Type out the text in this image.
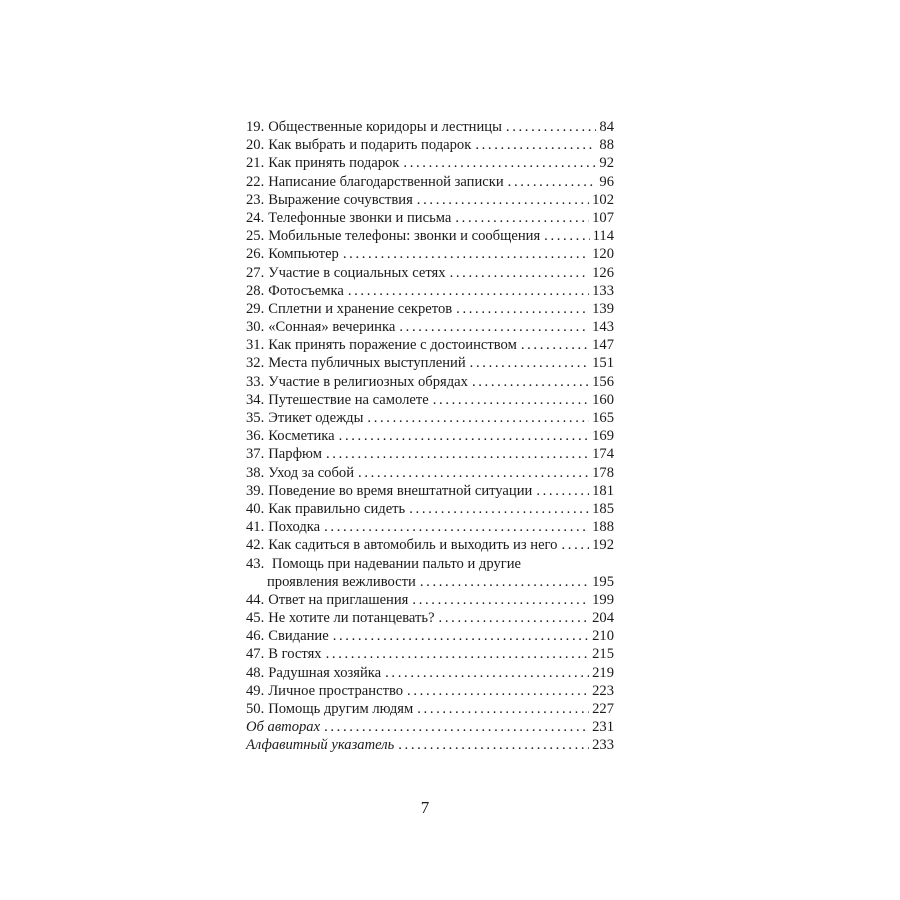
19. Общественные коридоры и лестницы . . .	84
20. Как выбрать и подарить подарок . . .	88
21. Как принять подарок . . .	92
22. Написание благодарственной записки . . .	96
23. Выражение сочувствия . . .	102
24. Телефонные звонки и письма . . .	107
25. Мобильные телефоны: звонки и сообщения . . .	114
26. Компьютер . . .	120
27. Участие в социальных сетях . . .	126
28. Фотосъемка . . .	133
29. Сплетни и хранение секретов . . .	139
30. «Сонная» вечеринка . . .	143
31. Как принять поражение с достоинством . . .	147
32. Места публичных выступлений . . .	151
33. Участие в религиозных обрядах . . .	156
34. Путешествие на самолете . . .	160
35. Этикет одежды . . .	165
36. Косметика . . .	169
37. Парфюм . . .	174
38. Уход за собой . . .	178
39. Поведение во время внештатной ситуации . . .	181
40. Как правильно сидеть . . .	185
41. Походка . . .	188
42. Как садиться в автомобиль и выходить из него . . . 192
43. Помощь при надевании пальто и другие
проявления вежливости . . .	195
44. Ответ на приглашения . . .	199
45. Не хотите ли потанцевать? . . .	204
46. Свидание . . .	210
47. В гостях . . .	215
48. Радушная хозяйка . . .	219
49. Личное пространство . . .	223
50. Помощь другим людям . . .	227
Об авторах . . .	231
Алфавитный указатель . . .	233
7
